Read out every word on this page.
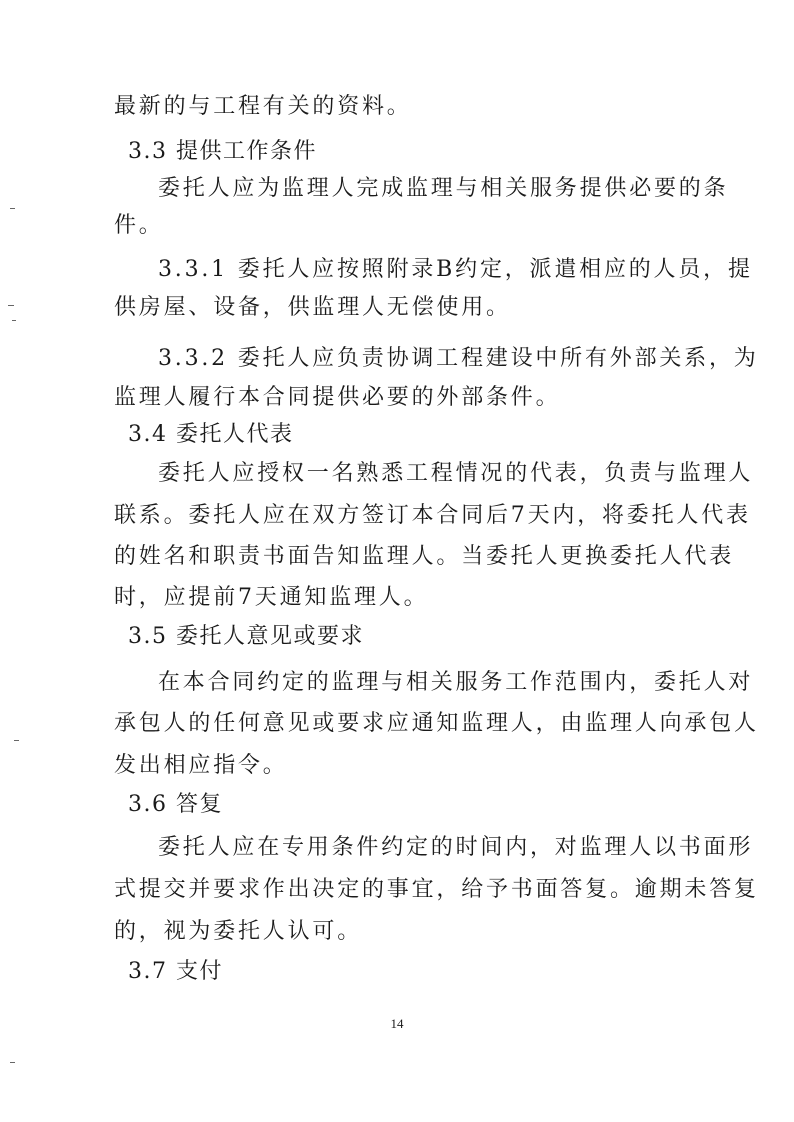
最新的与工程有关的资料。
3.3 提供工作条件
委托人应为监理人完成监理与相关服务提供必要的条
件。
3.3.1 委托人应按照附录B约定，派遣相应的人员，提
供房屋、设备，供监理人无偿使用。
3.3.2 委托人应负责协调工程建设中所有外部关系，为
监理人履行本合同提供必要的外部条件。
3.4 委托人代表
委托人应授权一名熟悉工程情况的代表，负责与监理人
联系。委托人应在双方签订本合同后7天内，将委托人代表
的姓名和职责书面告知监理人。当委托人更换委托人代表
时，应提前7天通知监理人。
3.5 委托人意见或要求
在本合同约定的监理与相关服务工作范围内，委托人对
承包人的任何意见或要求应通知监理人，由监理人向承包人
发出相应指令。
3.6 答复
委托人应在专用条件约定的时间内，对监理人以书面形
式提交并要求作出决定的事宜，给予书面答复。逾期未答复
的，视为委托人认可。
3.7 支付
14
